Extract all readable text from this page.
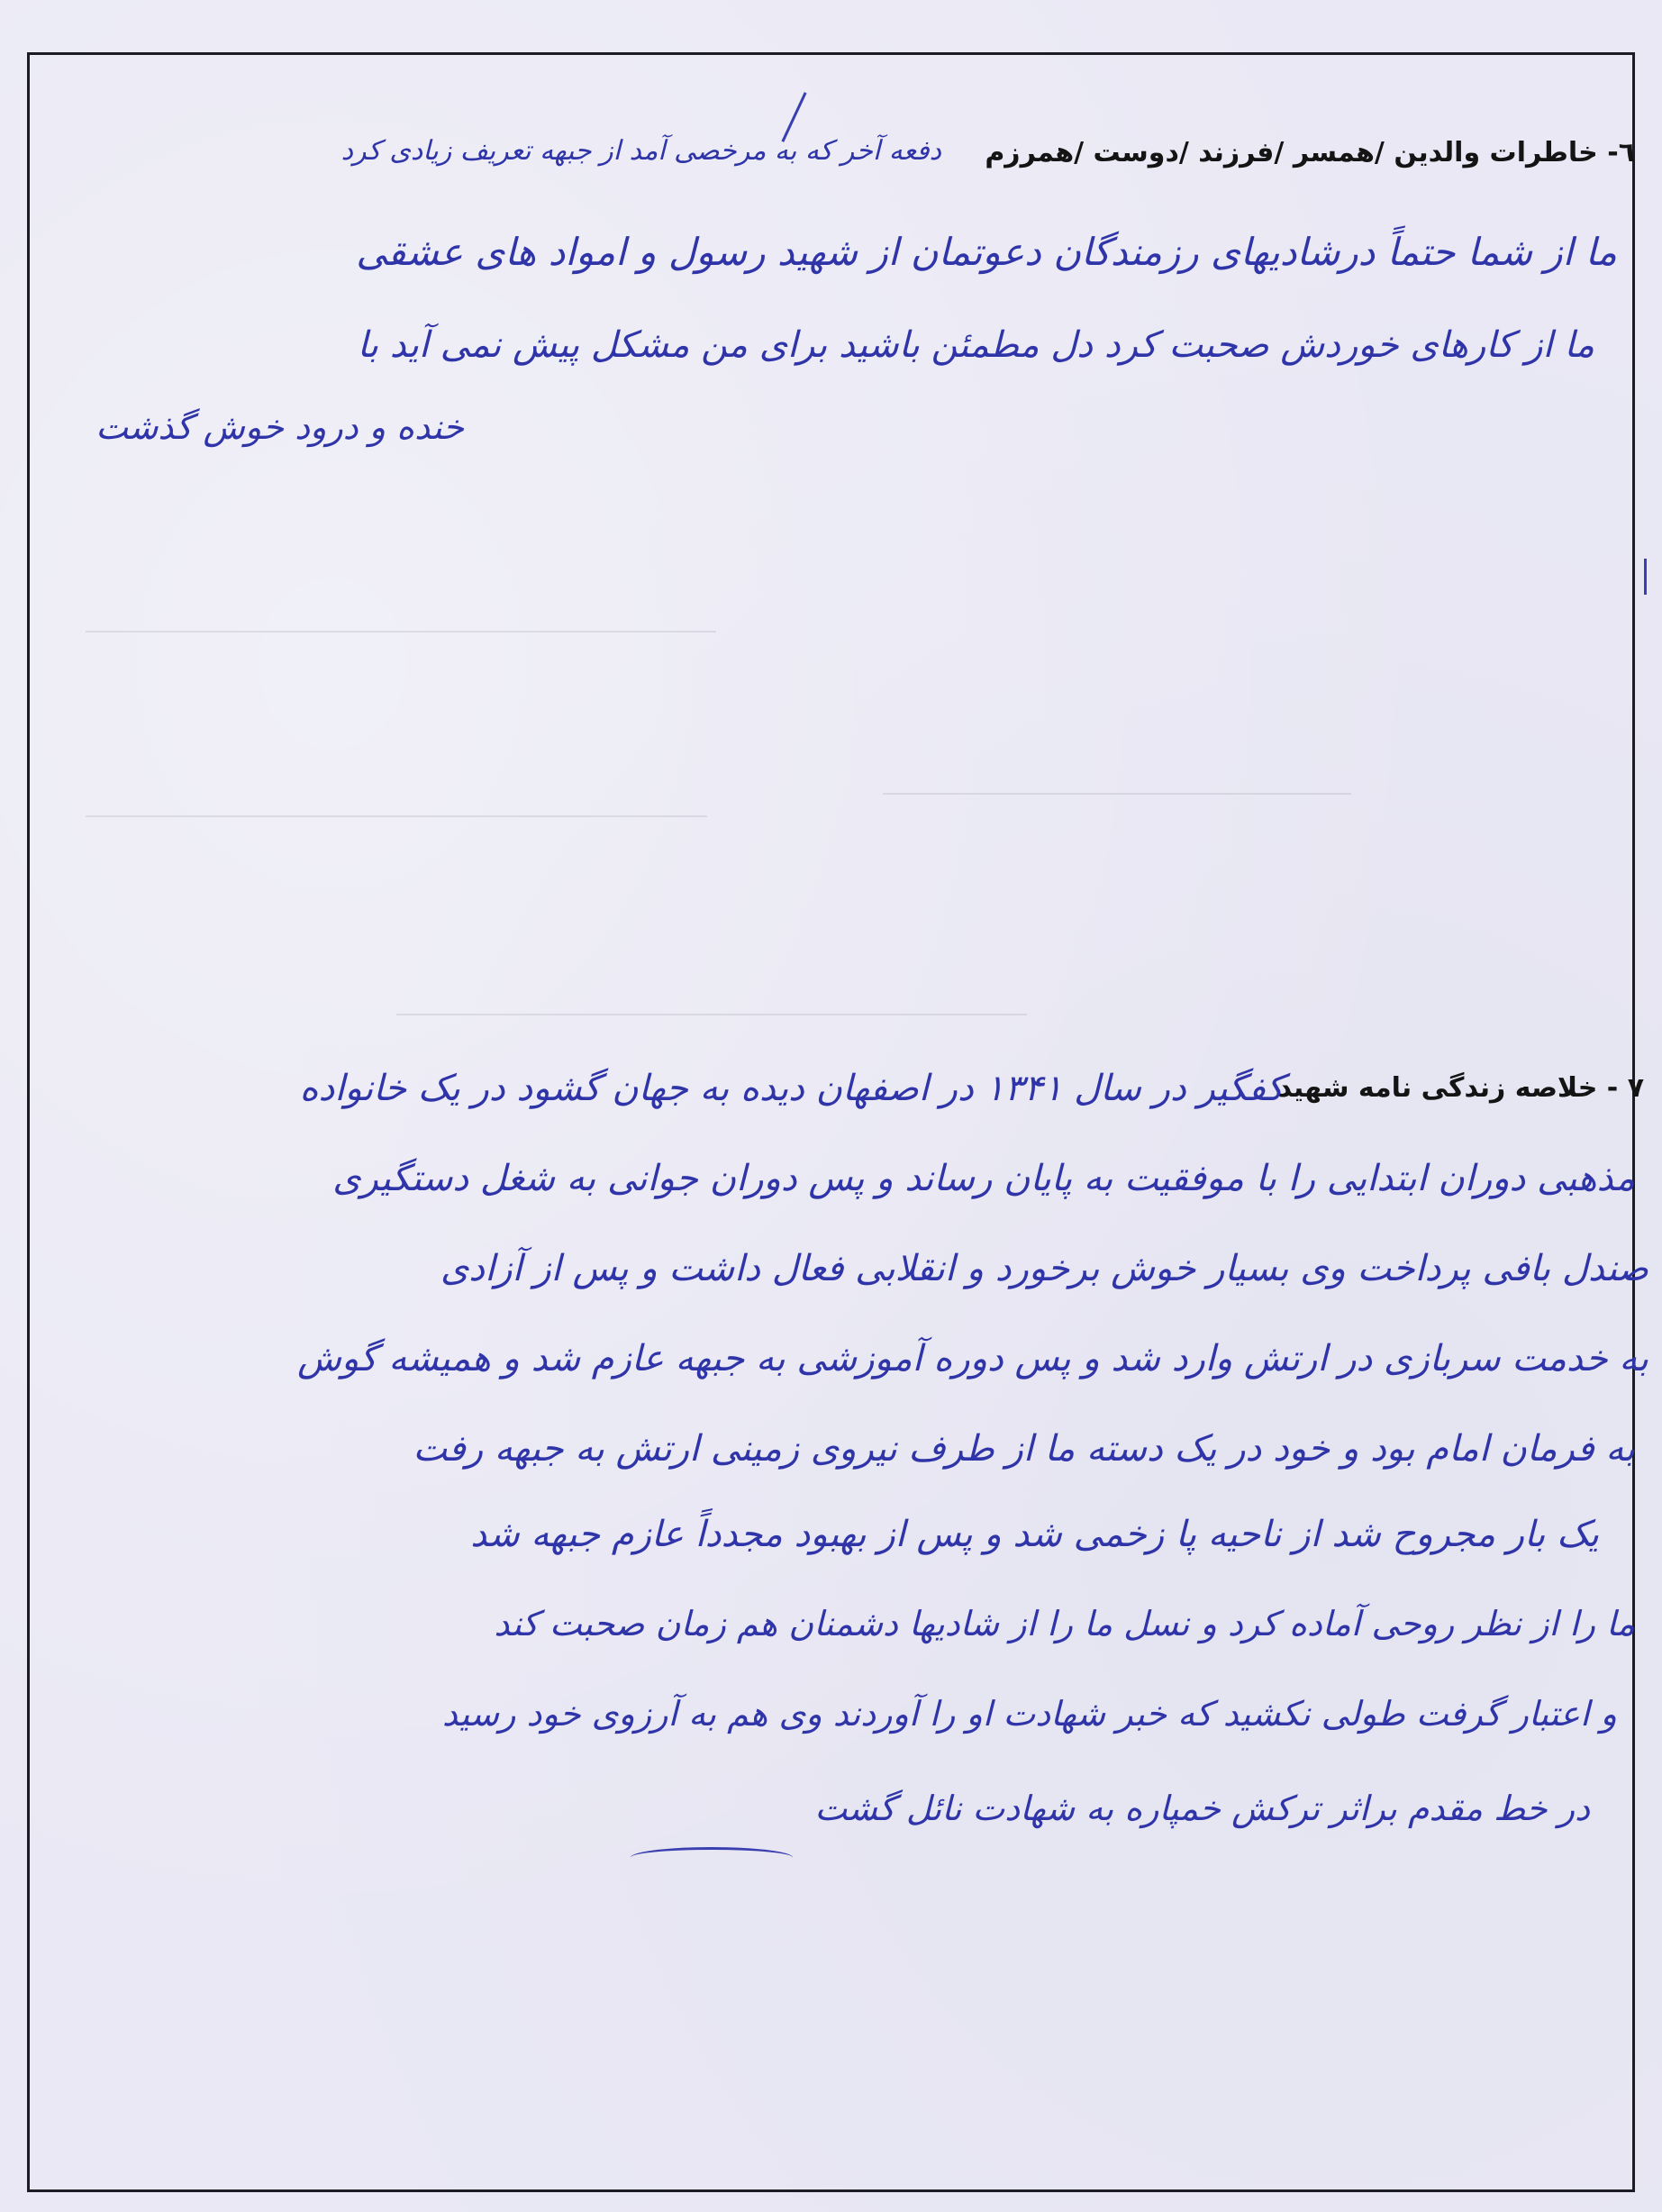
٦- خاطرات والدین /همسر /فرزند /دوست /همرزم
دفعه آخر که به مرخصی آمد از جبهه تعریف زیادی کرد
ما از شما حتماً درشادیهای رزمندگان دعوتمان از شهید رسول و امواد های عشقی
ما از کارهای خوردش صحبت کرد دل مطمئن باشید برای من مشکل پیش نمی آید با
خنده و درود خوش گذشت
٧ - خلاصه زندگی نامه شهید
کفگیر در سال ۱۳۴۱ در اصفهان دیده به جهان گشود در یک خانواده
مذهبی دوران ابتدایی را با موفقیت به پایان رساند و پس دوران جوانی به شغل دستگیری
صندل بافی پرداخت وی بسیار خوش برخورد و انقلابی فعال داشت و پس از آزادی
به خدمت سربازی در ارتش وارد شد و پس دوره آموزشی به جبهه عازم شد و همیشه گوش
به فرمان امام بود و خود در یک دسته ما از طرف نیروی زمینی ارتش به جبهه رفت
یک بار مجروح شد از ناحیه پا زخمی شد و پس از بهبود مجدداً عازم جبهه شد
ما را از نظر روحی آماده کرد و نسل ما را از شادیها دشمنان هم زمان صحبت کند
و اعتبار گرفت طولی نکشید که خبر شهادت او را آوردند وی هم به آرزوی خود رسید
در خط مقدم براثر ترکش خمپاره به شهادت نائل گشت
